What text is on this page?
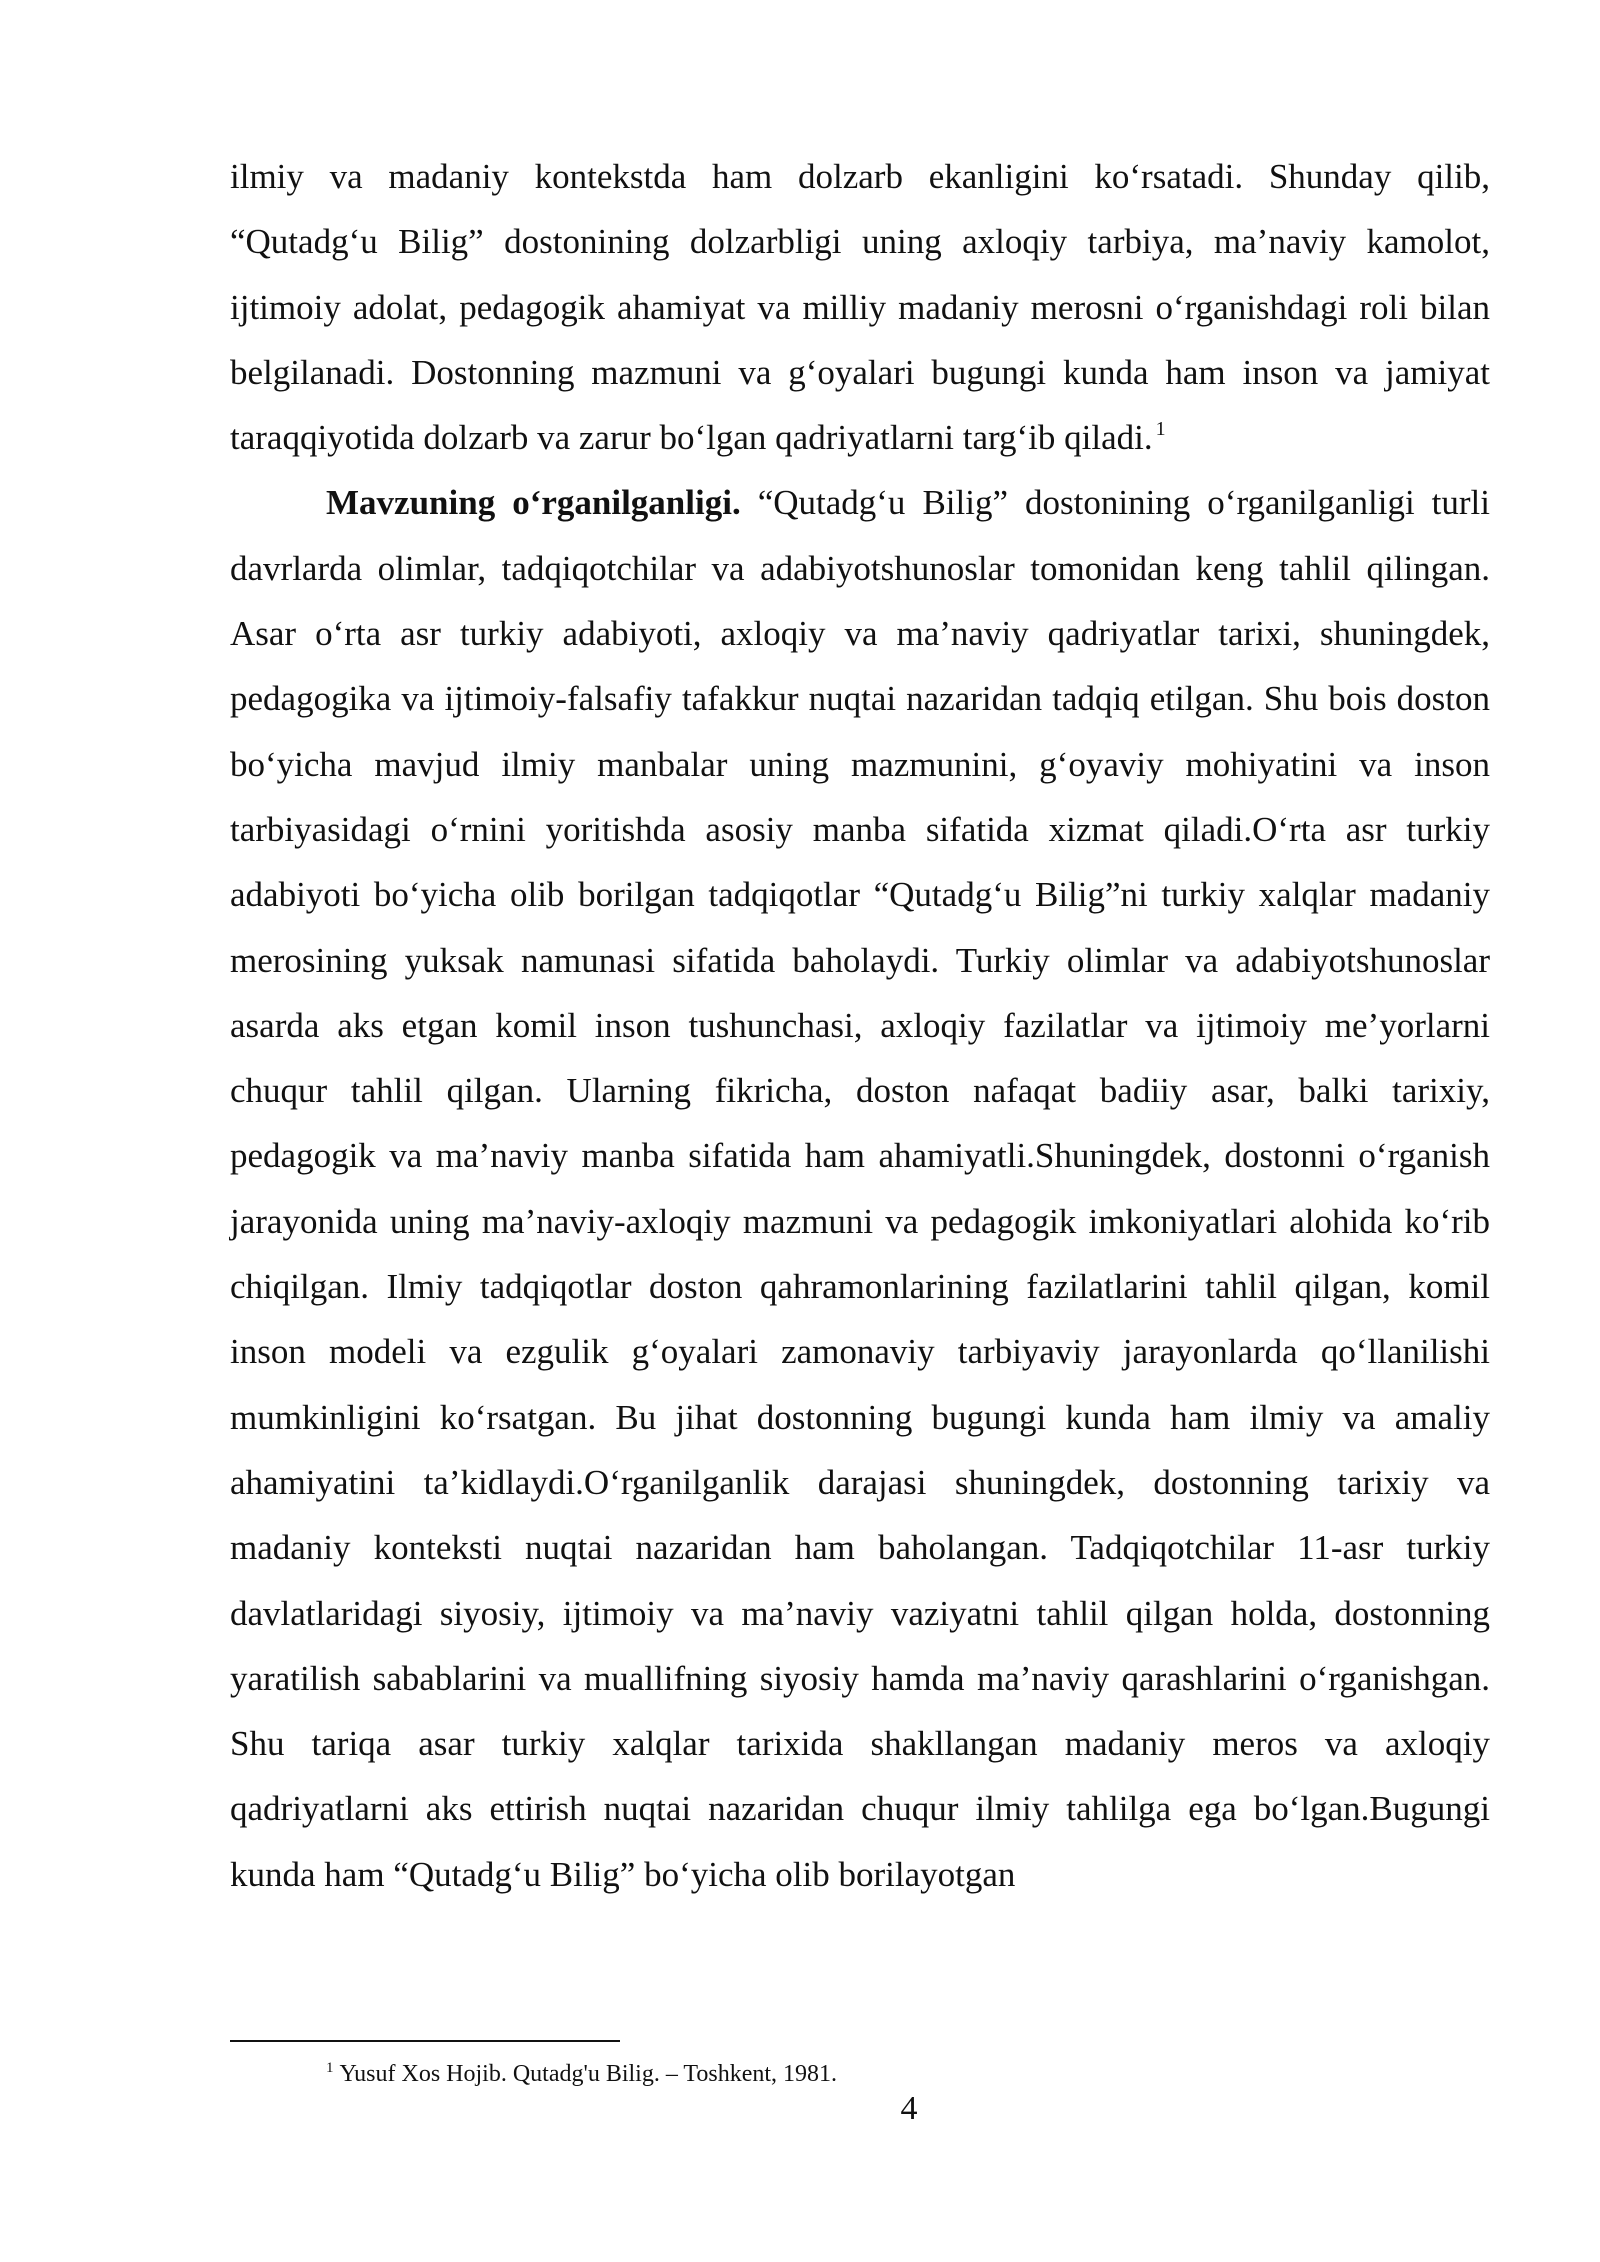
ilmiy va madaniy kontekstda ham dolzarb ekanligini ko‘rsatadi. Shunday qilib, “Qutadg‘u Bilig” dostonining dolzarbligi uning axloqiy tarbiya, ma’naviy kamolot, ijtimoiy adolat, pedagogik ahamiyat va milliy madaniy merosni o‘rganishdagi roli bilan belgilanadi. Dostonning mazmuni va g‘oyalari bugungi kunda ham inson va jamiyat taraqqiyotida dolzarb va zarur bo‘lgan qadriyatlarni targ‘ib qiladi. $^1$

Mavzuning o‘rganilganligi. “Qutadg‘u Bilig” dostonining o‘rganilganligi turli davrlarda olimlar, tadqiqotchilar va adabiyotshunoslar tomonidan keng tahlil qilingan. Asar o‘rta asr turkiy adabiyoti, axloqiy va ma’naviy qadriyatlar tarixi, shuningdek, pedagogika va ijtimoiy-falsafiy tafakkur nuqtai nazaridan tadqiq etilgan. Shu bois doston bo‘yicha mavjud ilmiy manbalar uning mazmunini, g‘oyaviy mohiyatini va inson tarbiyasidagi o‘rnini yoritishda asosiy manba sifatida xizmat qiladi.O‘rta asr turkiy adabiyoti bo‘yicha olib borilgan tadqiqotlar “Qutadg‘u Bilig”ni turkiy xalqlar madaniy merosining yuksak namunasi sifatida baholaydi. Turkiy olimlar va adabiyotshunoslar asarda aks etgan komil inson tushunchasi, axloqiy fazilatlar va ijtimoiy me’yorlarni chuqur tahlil qilgan. Ularning fikricha, doston nafaqat badiiy asar, balki tarixiy, pedagogik va ma’naviy manba sifatida ham ahamiyatli.Shuningdek, dostonni o‘rganish jarayonida uning ma’naviy-axloqiy mazmuni va pedagogik imkoniyatlari alohida ko‘rib chiqilgan. Ilmiy tadqiqotlar doston qahramonlarining fazilatlarini tahlil qilgan, komil inson modeli va ezgulik g‘oyalari zamonaviy tarbiyaviy jarayonlarda qo‘llanilishi mumkinligini ko‘rsatgan. Bu jihat dostonning bugungi kunda ham ilmiy va amaliy ahamiyatini ta’kidlaydi.O‘rganilganlik darajasi shuningdek, dostonning tarixiy va madaniy konteksti nuqtai nazaridan ham baholangan. Tadqiqotchilar 11-asr turkiy davlatlaridagi siyosiy, ijtimoiy va ma’naviy vaziyatni tahlil qilgan holda, dostonning yaratilish sabablarini va muallifning siyosiy hamda ma’naviy qarashlarini o‘rganishgan. Shu tariqa asar turkiy xalqlar tarixida shakllangan madaniy meros va axloqiy qadriyatlarni aks ettirish nuqtai nazaridan chuqur ilmiy tahlilga ega bo‘lgan.Bugungi kunda ham “Qutadg‘u Bilig” bo‘yicha olib borilayotgan

$^1$ Yusuf Xos Hojib. Qutadg'u Bilig. – Toshkent, 1981.
4
